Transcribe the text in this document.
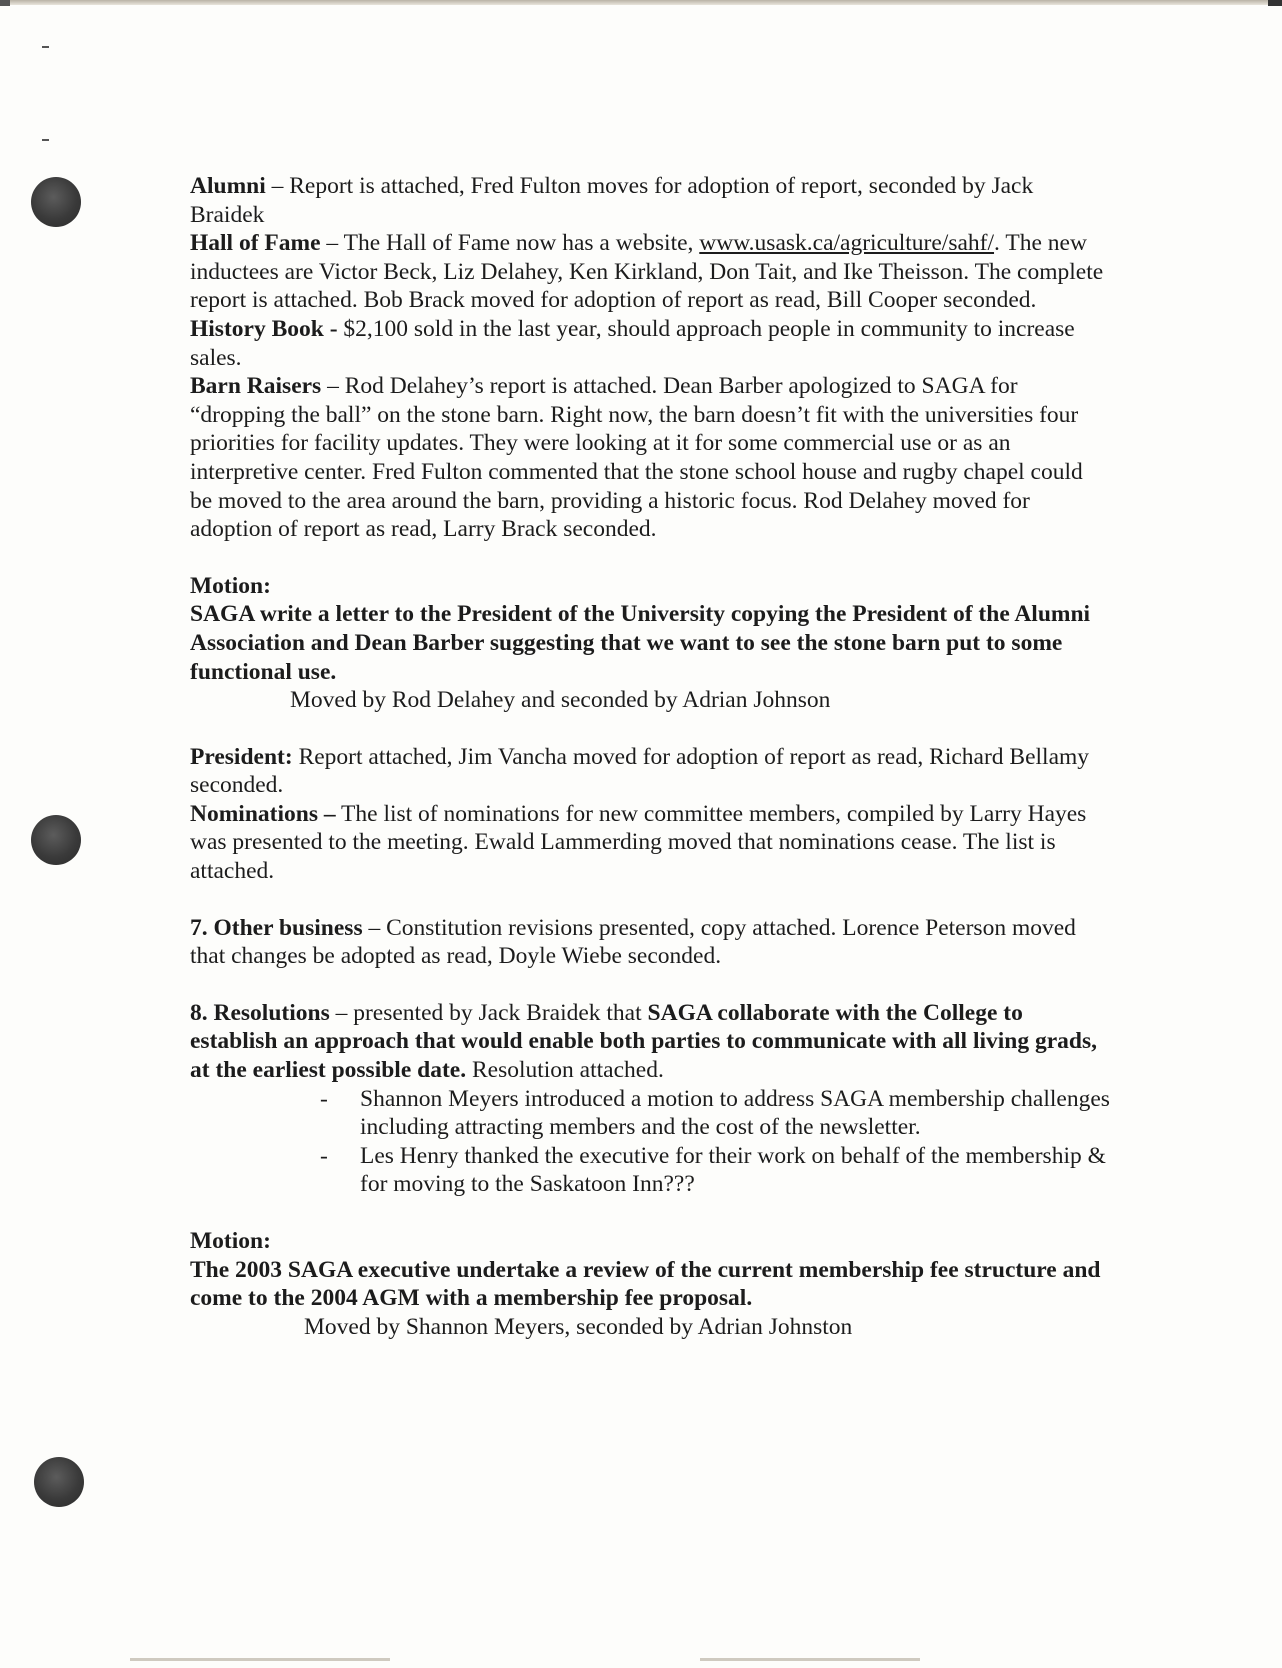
Alumni – Report is attached, Fred Fulton moves for adoption of report, seconded by Jack Braidek

Hall of Fame – The Hall of Fame now has a website, www.usask.ca/agriculture/sahf/. The new inductees are Victor Beck, Liz Delahey, Ken Kirkland, Don Tait, and Ike Theisson. The complete report is attached. Bob Brack moved for adoption of report as read, Bill Cooper seconded.

History Book - $2,100 sold in the last year, should approach people in community to increase sales.

Barn Raisers – Rod Delahey’s report is attached. Dean Barber apologized to SAGA for “dropping the ball” on the stone barn. Right now, the barn doesn’t fit with the universities four priorities for facility updates. They were looking at it for some commercial use or as an interpretive center. Fred Fulton commented that the stone school house and rugby chapel could be moved to the area around the barn, providing a historic focus. Rod Delahey moved for adoption of report as read, Larry Brack seconded.

Motion:

SAGA write a letter to the President of the University copying the President of the Alumni Association and Dean Barber suggesting that we want to see the stone barn put to some functional use.

Moved by Rod Delahey and seconded by Adrian Johnson

President: Report attached, Jim Vancha moved for adoption of report as read, Richard Bellamy seconded.

Nominations – The list of nominations for new committee members, compiled by Larry Hayes was presented to the meeting. Ewald Lammerding moved that nominations cease. The list is attached.

7. Other business – Constitution revisions presented, copy attached. Lorence Peterson moved that changes be adopted as read, Doyle Wiebe seconded.

8. Resolutions – presented by Jack Braidek that SAGA collaborate with the College to establish an approach that would enable both parties to communicate with all living grads, at the earliest possible date. Resolution attached.

- Shannon Meyers introduced a motion to address SAGA membership challenges including attracting members and the cost of the newsletter.
- Les Henry thanked the executive for their work on behalf of the membership & for moving to the Saskatoon Inn???

Motion:

The 2003 SAGA executive undertake a review of the current membership fee structure and come to the 2004 AGM with a membership fee proposal.

Moved by Shannon Meyers, seconded by Adrian Johnston
